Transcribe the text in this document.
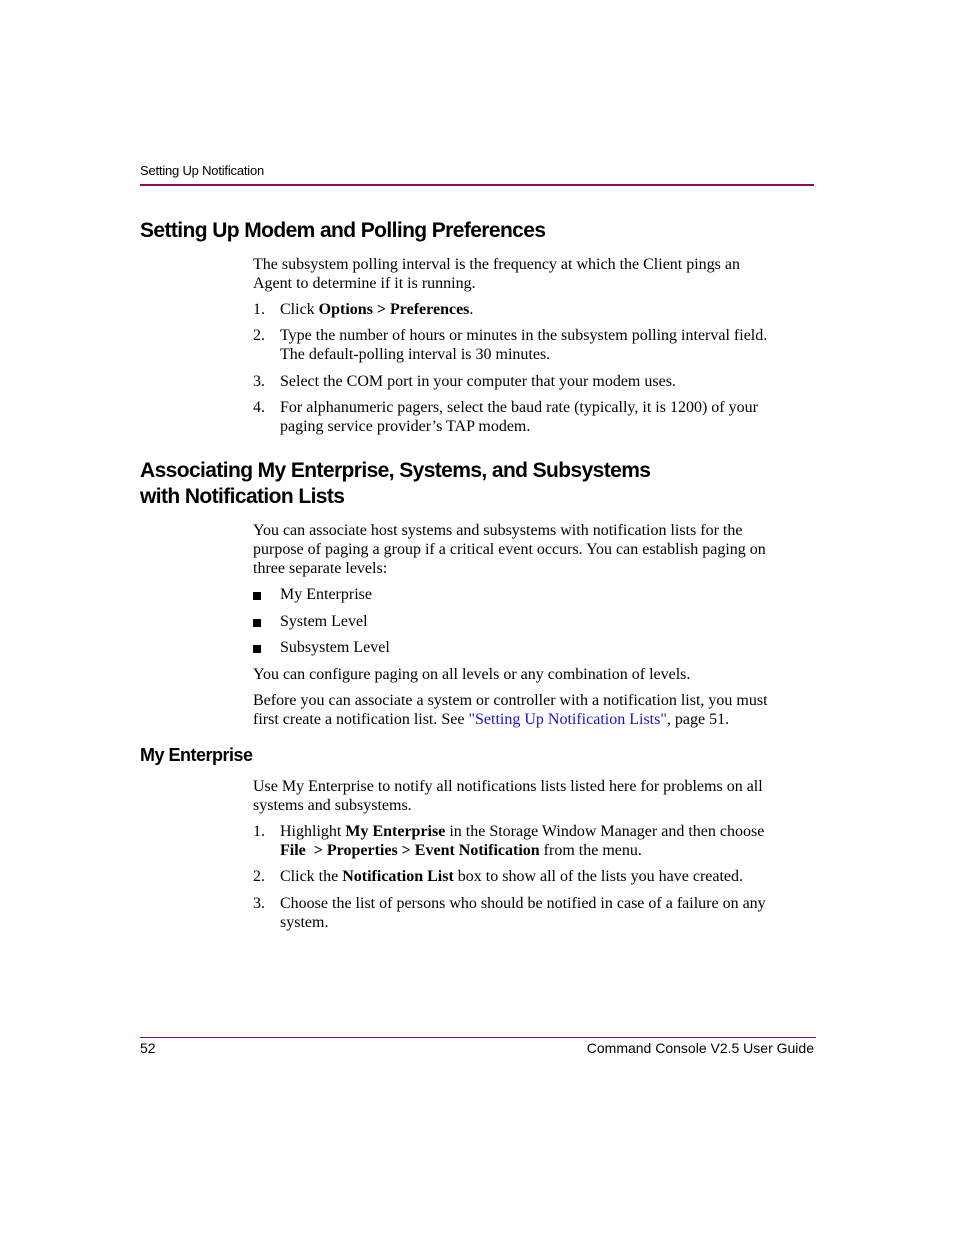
Setting Up Notification
Setting Up Modem and Polling Preferences
The subsystem polling interval is the frequency at which the Client pings an
Agent to determine if it is running.
1. Click Options > Preferences.
2. Type the number of hours or minutes in the subsystem polling interval field.
The default-polling interval is 30 minutes.
3. Select the COM port in your computer that your modem uses.
4. For alphanumeric pagers, select the baud rate (typically, it is 1200) of your
paging service provider’s TAP modem.
Associating My Enterprise, Systems, and Subsystems
with Notification Lists
You can associate host systems and subsystems with notification lists for the
purpose of paging a group if a critical event occurs. You can establish paging on
three separate levels:
My Enterprise
System Level
Subsystem Level
You can configure paging on all levels or any combination of levels.
Before you can associate a system or controller with a notification list, you must
first create a notification list. See "Setting Up Notification Lists", page 51.
My Enterprise
Use My Enterprise to notify all notifications lists listed here for problems on all
systems and subsystems.
1. Highlight My Enterprise in the Storage Window Manager and then choose
File  > Properties > Event Notification from the menu.
2. Click the Notification List box to show all of the lists you have created.
3. Choose the list of persons who should be notified in case of a failure on any
system.
52	Command Console V2.5 User Guide
